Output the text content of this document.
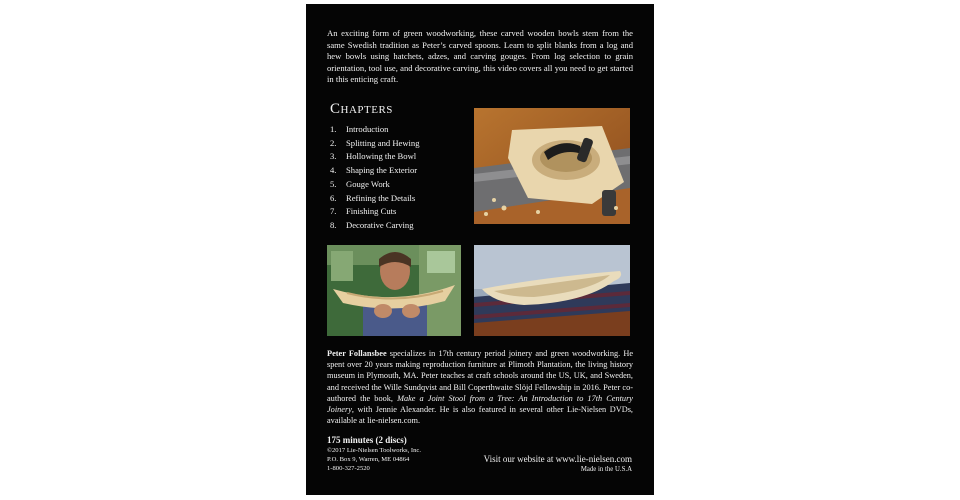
An exciting form of green woodworking, these carved wooden bowls stem from the same Swedish tradition as Peter’s carved spoons. Learn to split blanks from a log and hew bowls using hatchets, adzes, and carving gouges. From log selection to grain orientation, tool use, and decorative carving, this video covers all you need to get started in this enticing craft.

Chapters
1.	Introduction
2.	Splitting and Hewing
3.	Hollowing the Bowl
4.	Shaping the Exterior
5.	Gouge Work
6.	Refining the Details
7.	Finishing Cuts
8.	Decorative Carving

Peter Follansbee specializes in 17th century period joinery and green woodworking. He spent over 20 years making reproduction furniture at Plimoth Plantation, the living history museum in Plymouth, MA. Peter teaches at craft schools around the US, UK, and Sweden, and received the Wille Sundqvist and Bill Coperthwaite Slöjd Fellowship in 2016. Peter co-authored the book, Make a Joint Stool from a Tree: An Introduction to 17th Century Joinery, with Jennie Alexander. He is also featured in several other Lie-Nielsen DVDs, available at lie-nielsen.com.

175 minutes (2 discs)

©2017 Lie-Nielsen Toolworks, Inc.
P.O. Box 9, Warren, ME 04864
1-800-327-2520

Visit our website at www.lie-nielsen.com

Made in the U.S.A
